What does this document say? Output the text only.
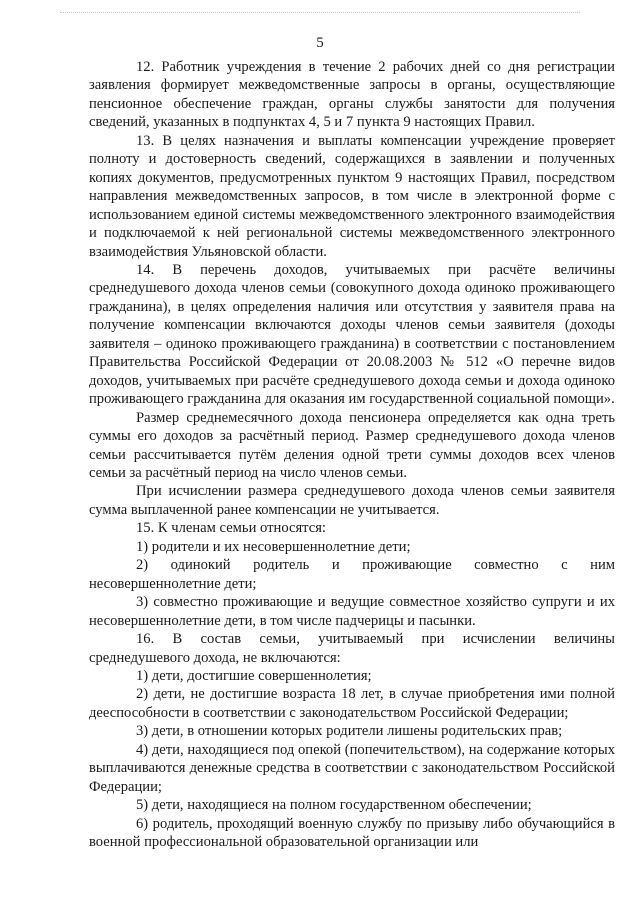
5

12. Работник учреждения в течение 2 рабочих дней со дня регистрации заявления формирует межведомственные запросы в органы, осуществляющие пенсионное обеспечение граждан, органы службы занятости для получения сведений, указанных в подпунктах 4, 5 и 7 пункта 9 настоящих Правил.

13. В целях назначения и выплаты компенсации учреждение проверяет полноту и достоверность сведений, содержащихся в заявлении и полученных копиях документов, предусмотренных пунктом 9 настоящих Правил, посредством направления межведомственных запросов, в том числе в электронной форме с использованием единой системы межведомственного электронного взаимодействия и подключаемой к ней региональной системы межведомственного электронного взаимодействия Ульяновской области.

14. В перечень доходов, учитываемых при расчёте величины среднедушевого дохода членов семьи (совокупного дохода одиноко проживающего гражданина), в целях определения наличия или отсутствия у заявителя права на получение компенсации включаются доходы членов семьи заявителя (доходы заявителя – одиноко проживающего гражданина) в соответствии с постановлением Правительства Российской Федерации от 20.08.2003 № 512 «О перечне видов доходов, учитываемых при расчёте среднедушевого дохода семьи и дохода одиноко проживающего гражданина для оказания им государственной социальной помощи».

Размер среднемесячного дохода пенсионера определяется как одна треть суммы его доходов за расчётный период. Размер среднедушевого дохода членов семьи рассчитывается путём деления одной трети суммы доходов всех членов семьи за расчётный период на число членов семьи.

При исчислении размера среднедушевого дохода членов семьи заявителя сумма выплаченной ранее компенсации не учитывается.

15. К членам семьи относятся:

1) родители и их несовершеннолетние дети;

2) одинокий родитель и проживающие совместно с ним несовершеннолетние дети;

3) совместно проживающие и ведущие совместное хозяйство супруги и их несовершеннолетние дети, в том числе падчерицы и пасынки.

16. В состав семьи, учитываемый при исчислении величины среднедушевого дохода, не включаются:

1) дети, достигшие совершеннолетия;

2) дети, не достигшие возраста 18 лет, в случае приобретения ими полной дееспособности в соответствии с законодательством Российской Федерации;

3) дети, в отношении которых родители лишены родительских прав;

4) дети, находящиеся под опекой (попечительством), на содержание которых выплачиваются денежные средства в соответствии с законодательством Российской Федерации;

5) дети, находящиеся на полном государственном обеспечении;

6) родитель, проходящий военную службу по призыву либо обучающийся в военной профессиональной образовательной организации или
